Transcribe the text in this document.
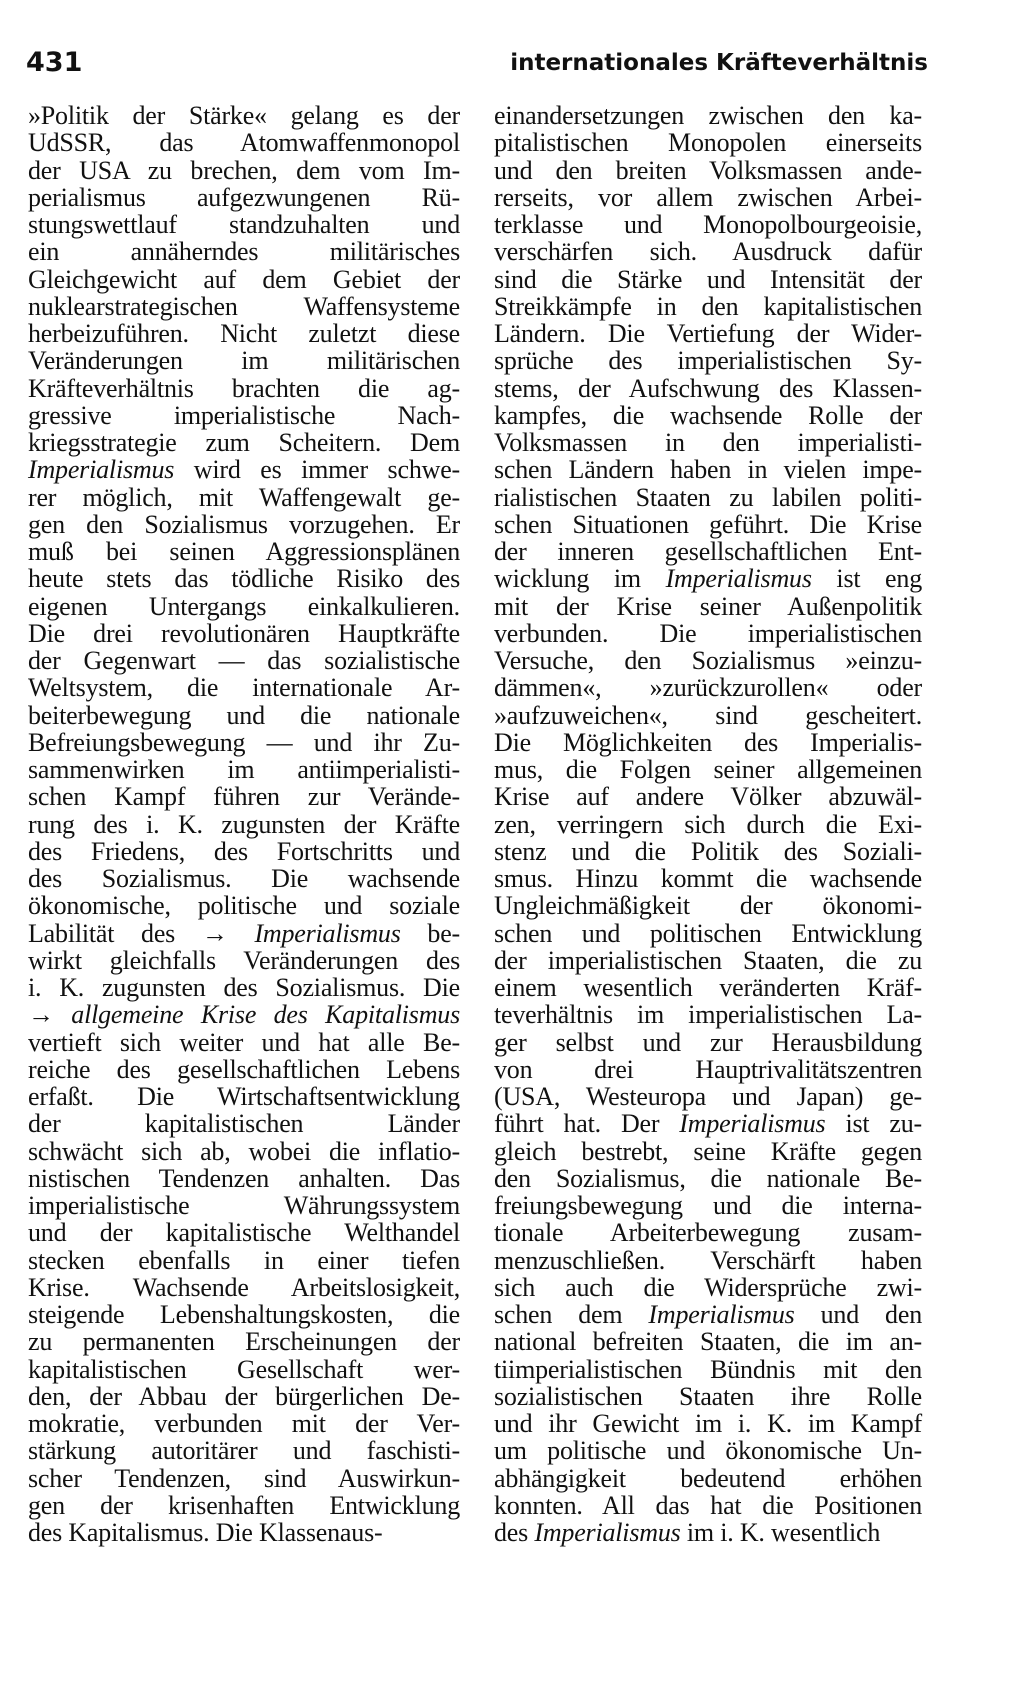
431	internationales Kräfteverhältnis
»Politik der Stärke« gelang es der
UdSSR, das Atomwaffenmonopol
der USA zu brechen, dem vom Im-
perialismus aufgezwungenen Rü-
stungswettlauf standzuhalten und
ein annäherndes militärisches
Gleichgewicht auf dem Gebiet der
nuklearstrategischen Waffensysteme
herbeizuführen. Nicht zuletzt diese
Veränderungen im militärischen
Kräfteverhältnis brachten die ag-
gressive imperialistische Nach-
kriegsstrategie zum Scheitern. Dem
Imperialismus wird es immer schwe-
rer möglich, mit Waffengewalt ge-
gen den Sozialismus vorzugehen. Er
muß bei seinen Aggressionsplänen
heute stets das tödliche Risiko des
eigenen Untergangs einkalkulieren.
Die drei revolutionären Hauptkräfte
der Gegenwart — das sozialistische
Weltsystem, die internationale Ar-
beiterbewegung und die nationale
Befreiungsbewegung — und ihr Zu-
sammenwirken im antiimperialisti-
schen Kampf führen zur Verände-
rung des i. K. zugunsten der Kräfte
des Friedens, des Fortschritts und
des Sozialismus. Die wachsende
ökonomische, politische und soziale
Labilität des → Imperialismus be-
wirkt gleichfalls Veränderungen des
i. K. zugunsten des Sozialismus. Die
→ allgemeine Krise des Kapitalismus
vertieft sich weiter und hat alle Be-
reiche des gesellschaftlichen Lebens
erfaßt. Die Wirtschaftsentwicklung
der kapitalistischen Länder
schwächt sich ab, wobei die inflatio-
nistischen Tendenzen anhalten. Das
imperialistische Währungssystem
und der kapitalistische Welthandel
stecken ebenfalls in einer tiefen
Krise. Wachsende Arbeitslosigkeit,
steigende Lebenshaltungskosten, die
zu permanenten Erscheinungen der
kapitalistischen Gesellschaft wer-
den, der Abbau der bürgerlichen De-
mokratie, verbunden mit der Ver-
stärkung autoritärer und faschisti-
scher Tendenzen, sind Auswirkun-
gen der krisenhaften Entwicklung
des Kapitalismus. Die Klassenaus-
einandersetzungen zwischen den ka-
pitalistischen Monopolen einerseits
und den breiten Volksmassen ande-
rerseits, vor allem zwischen Arbei-
terklasse und Monopolbourgeoisie,
verschärfen sich. Ausdruck dafür
sind die Stärke und Intensität der
Streikkämpfe in den kapitalistischen
Ländern. Die Vertiefung der Wider-
sprüche des imperialistischen Sy-
stems, der Aufschwung des Klassen-
kampfes, die wachsende Rolle der
Volksmassen in den imperialisti-
schen Ländern haben in vielen impe-
rialistischen Staaten zu labilen politi-
schen Situationen geführt. Die Krise
der inneren gesellschaftlichen Ent-
wicklung im Imperialismus ist eng
mit der Krise seiner Außenpolitik
verbunden. Die imperialistischen
Versuche, den Sozialismus »einzu-
dämmen«, »zurückzurollen« oder
»aufzuweichen«, sind gescheitert.
Die Möglichkeiten des Imperialis-
mus, die Folgen seiner allgemeinen
Krise auf andere Völker abzuwäl-
zen, verringern sich durch die Exi-
stenz und die Politik des Soziali-
smus. Hinzu kommt die wachsende
Ungleichmäßigkeit der ökonomi-
schen und politischen Entwicklung
der imperialistischen Staaten, die zu
einem wesentlich veränderten Kräf-
teverhältnis im imperialistischen La-
ger selbst und zur Herausbildung
von drei Hauptrivalitätszentren
(USA, Westeuropa und Japan) ge-
führt hat. Der Imperialismus ist zu-
gleich bestrebt, seine Kräfte gegen
den Sozialismus, die nationale Be-
freiungsbewegung und die interna-
tionale Arbeiterbewegung zusam-
menzuschließen. Verschärft haben
sich auch die Widersprüche zwi-
schen dem Imperialismus und den
national befreiten Staaten, die im an-
tiimperialistischen Bündnis mit den
sozialistischen Staaten ihre Rolle
und ihr Gewicht im i. K. im Kampf
um politische und ökonomische Un-
abhängigkeit bedeutend erhöhen
konnten. All das hat die Positionen
des Imperialismus im i. K. wesentlich
